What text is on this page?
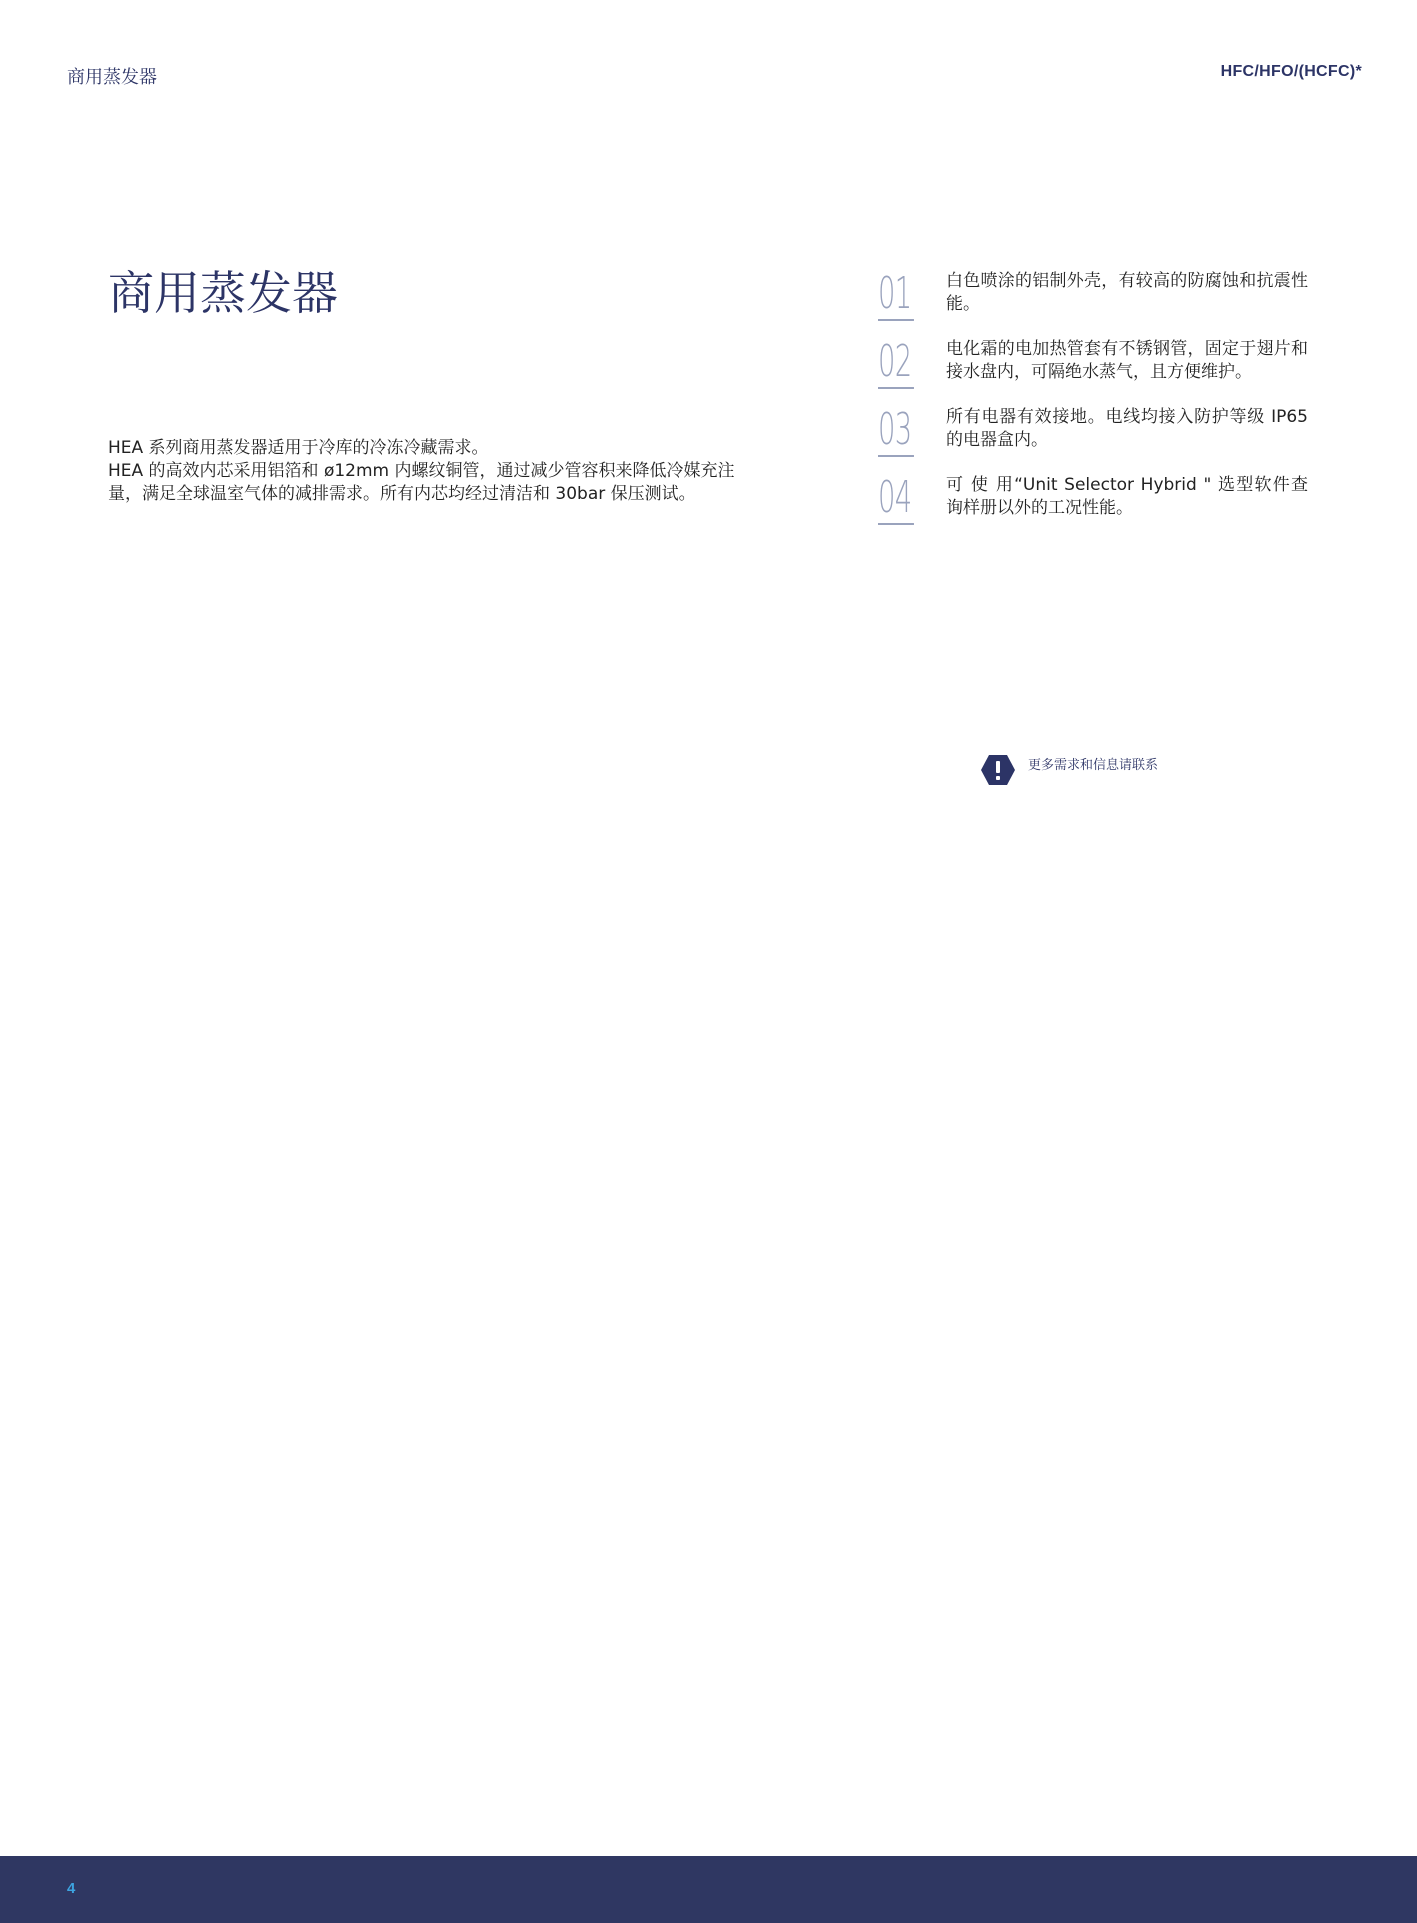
商用蒸发器	HFC/HFO/(HCFC)*
商用蒸发器

HEA 系列商用蒸发器适用于冷库的冷冻冷藏需求。

HEA 的高效内芯采用铝箔和 ø12mm 内螺纹铜管，通过减少管容积来降低冷媒充注量，满足全球温室气体的减排需求。所有内芯均经过清洁和 30bar 保压测试。

01 白色喷涂的铝制外壳，有较高的防腐蚀和抗震性能。
02 电化霜的电加热管套有不锈钢管，固定于翅片和接水盘内，可隔绝水蒸气，且方便维护。
03 所有电器有效接地。电线均接入防护等级 IP65 的电器盒内。
04 可 使 用“Unit Selector Hybrid " 选型软件查询样册以外的工况性能。
更多需求和信息请联系
4
